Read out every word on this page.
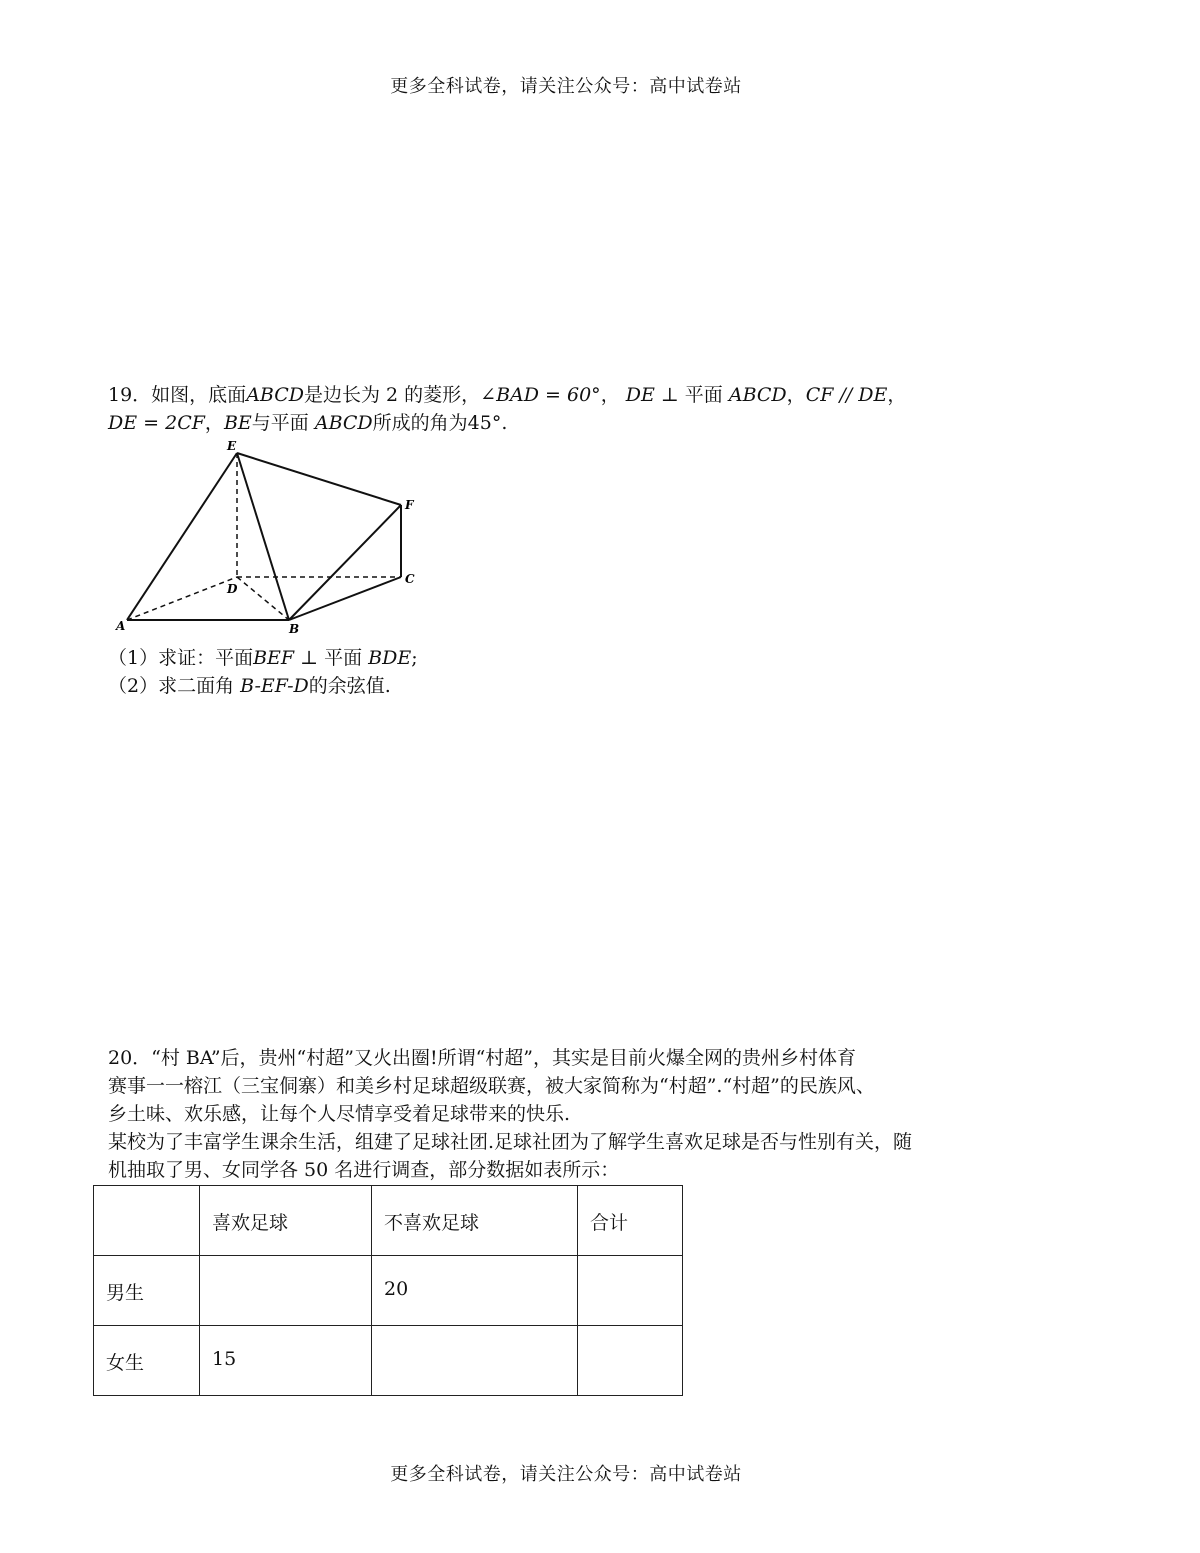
更多全科试卷，请关注公众号：高中试卷站
19．如图，底面ABCD是边长为 2 的菱形，∠BAD = 60°， DE ⊥ 平面 ABCD，CF // DE，
DE = 2CF，BE与平面 ABCD所成的角为45°.
E
F
D
C
A	B
（1）求证：平面BEF ⊥ 平面 BDE;
（2）求二面角 B-EF-D的余弦值.
20．“村 BA”后，贵州“村超”又火出圈!所谓“村超”，其实是目前火爆全网的贵州乡村体育
赛事一一榕江（三宝侗寨）和美乡村足球超级联赛，被大家简称为“村超”.“村超”的民族风、
乡土味、欢乐感，让每个人尽情享受着足球带来的快乐.
某校为了丰富学生课余生活，组建了足球社团.足球社团为了解学生喜欢足球是否与性别有关，随
机抽取了男、女同学各 50 名进行调查，部分数据如表所示：
	喜欢足球	不喜欢足球	合计
男生		20	
女生	15		
更多全科试卷，请关注公众号：高中试卷站
